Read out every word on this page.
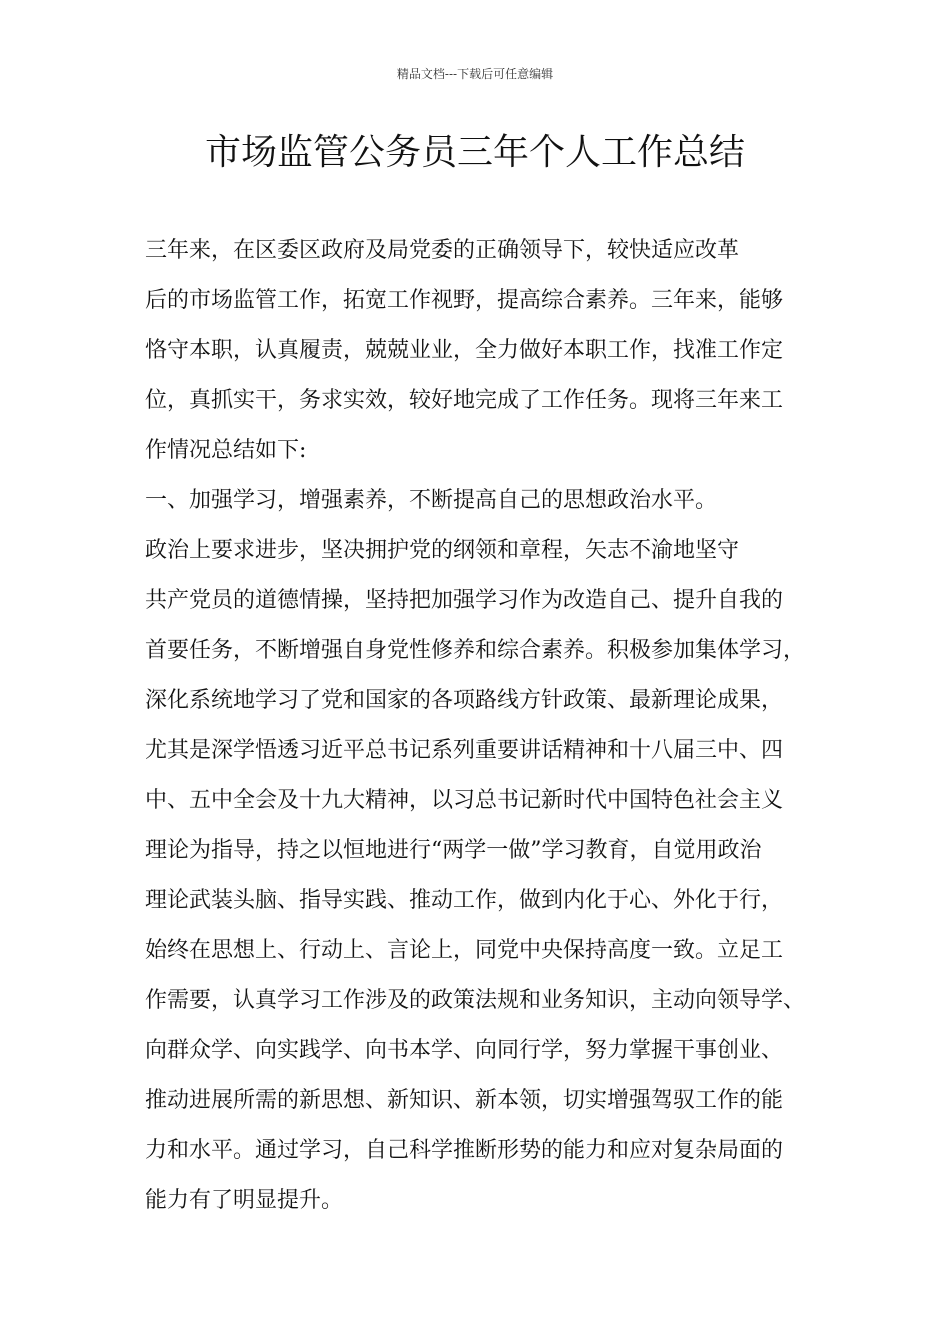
精品文档---下载后可任意编辑
市场监管公务员三年个人工作总结
三年来，在区委区政府及局党委的正确领导下，较快适应改革
后的市场监管工作，拓宽工作视野，提高综合素养。三年来，能够
恪守本职，认真履责，兢兢业业，全力做好本职工作，找准工作定
位，真抓实干，务求实效，较好地完成了工作任务。现将三年来工
作情况总结如下:
一、加强学习，增强素养，不断提高自己的思想政治水平。
政治上要求进步，坚决拥护党的纲领和章程，矢志不渝地坚守
共产党员的道德情操，坚持把加强学习作为改造自己、提升自我的
首要任务，不断增强自身党性修养和综合素养。积极参加集体学习，
深化系统地学习了党和国家的各项路线方针政策、最新理论成果，
尤其是深学悟透习近平总书记系列重要讲话精神和十八届三中、四
中、五中全会及十九大精神，以习总书记新时代中国特色社会主义
理论为指导，持之以恒地进行“两学一做”学习教育，自觉用政治
理论武装头脑、指导实践、推动工作，做到内化于心、外化于行，
始终在思想上、行动上、言论上，同党中央保持高度一致。立足工
作需要，认真学习工作涉及的政策法规和业务知识，主动向领导学、
向群众学、向实践学、向书本学、向同行学，努力掌握干事创业、
推动进展所需的新思想、新知识、新本领，切实增强驾驭工作的能
力和水平。通过学习，自己科学推断形势的能力和应对复杂局面的
能力有了明显提升。
